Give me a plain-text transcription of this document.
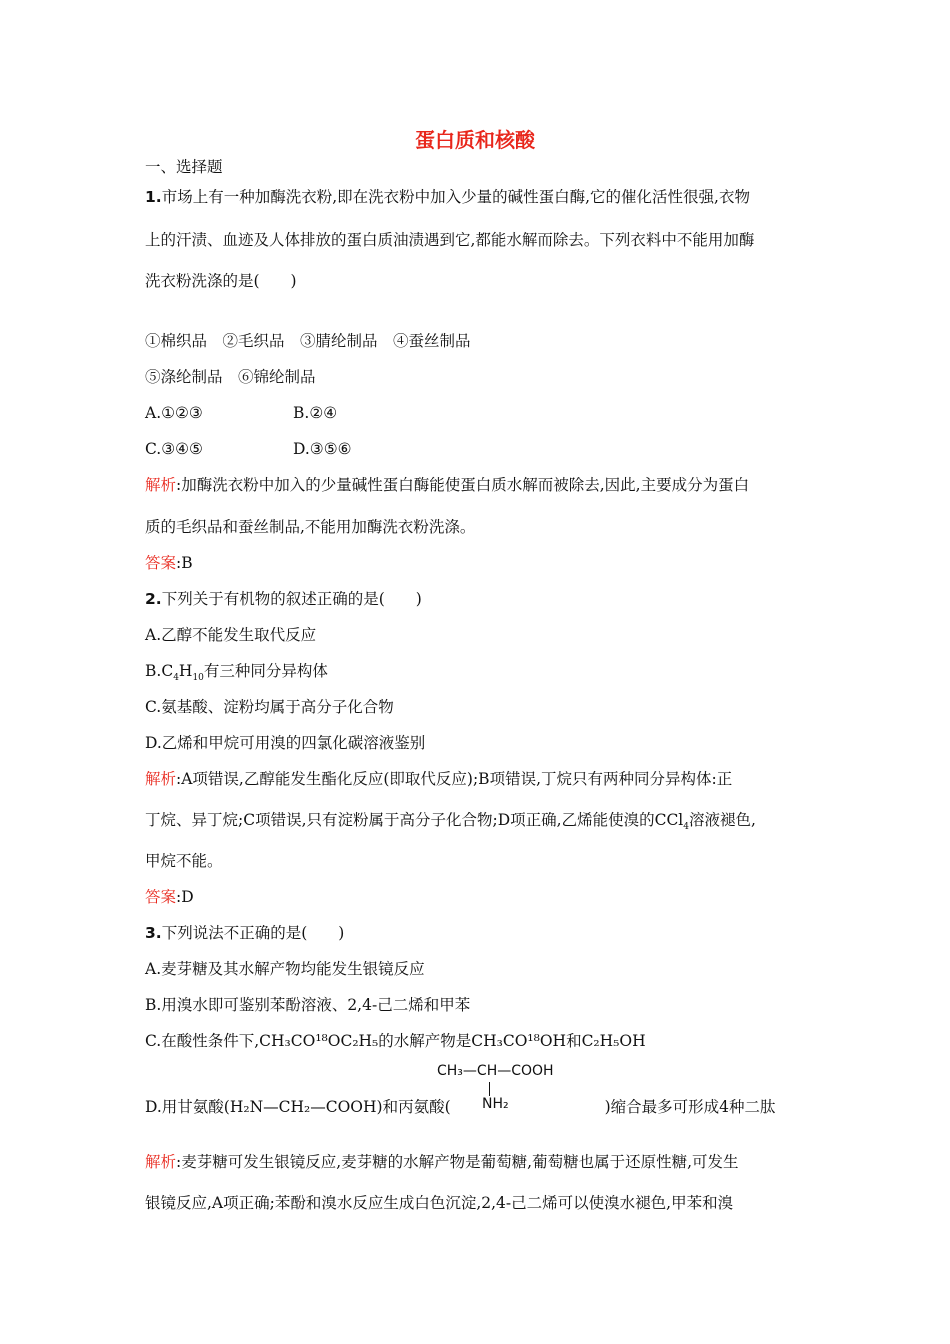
蛋白质和核酸
一、选择题
1.市场上有一种加酶洗衣粉,即在洗衣粉中加入少量的碱性蛋白酶,它的催化活性很强,衣物
上的汗渍、血迹及人体排放的蛋白质油渍遇到它,都能水解而除去。下列衣料中不能用加酶
洗衣粉洗涤的是(　　)
①棉织品　②毛织品　③腈纶制品　④蚕丝制品
⑤涤纶制品　⑥锦纶制品
A.①②③	B.②④
C.③④⑤	D.③⑤⑥
解析:加酶洗衣粉中加入的少量碱性蛋白酶能使蛋白质水解而被除去,因此,主要成分为蛋白
质的毛织品和蚕丝制品,不能用加酶洗衣粉洗涤。
答案:B
2.下列关于有机物的叙述正确的是(　　)
A.乙醇不能发生取代反应
$B.C_4H_{10}$有三种同分异构体
C.氨基酸、淀粉均属于高分子化合物
D.乙烯和甲烷可用溴的四氯化碳溶液鉴别
解析:A项错误,乙醇能发生酯化反应(即取代反应);B项错误,丁烷只有两种同分异构体:正
丁烷、异丁烷;C项错误,只有淀粉属于高分子化合物;D项正确,乙烯能使溴的CCl$_4$溶液褪色,
甲烷不能。
答案:D
3.下列说法不正确的是(　　)
A.麦芽糖及其水解产物均能发生银镜反应
B.用溴水即可鉴别苯酚溶液、2,4-己二烯和甲苯
C.在酸性条件下,CH₃CO¹⁸OC₂H₅的水解产物是CH₃CO¹⁸OH和C₂H₅OH
CH₃—CH—COOH
NH₂
D.用甘氨酸(H₂N—CH₂—COOH)和丙氨酸(	)缩合最多可形成4种二肽
解析:麦芽糖可发生银镜反应,麦芽糖的水解产物是葡萄糖,葡萄糖也属于还原性糖,可发生
银镜反应,A项正确;苯酚和溴水反应生成白色沉淀,2,4-己二烯可以使溴水褪色,甲苯和溴
